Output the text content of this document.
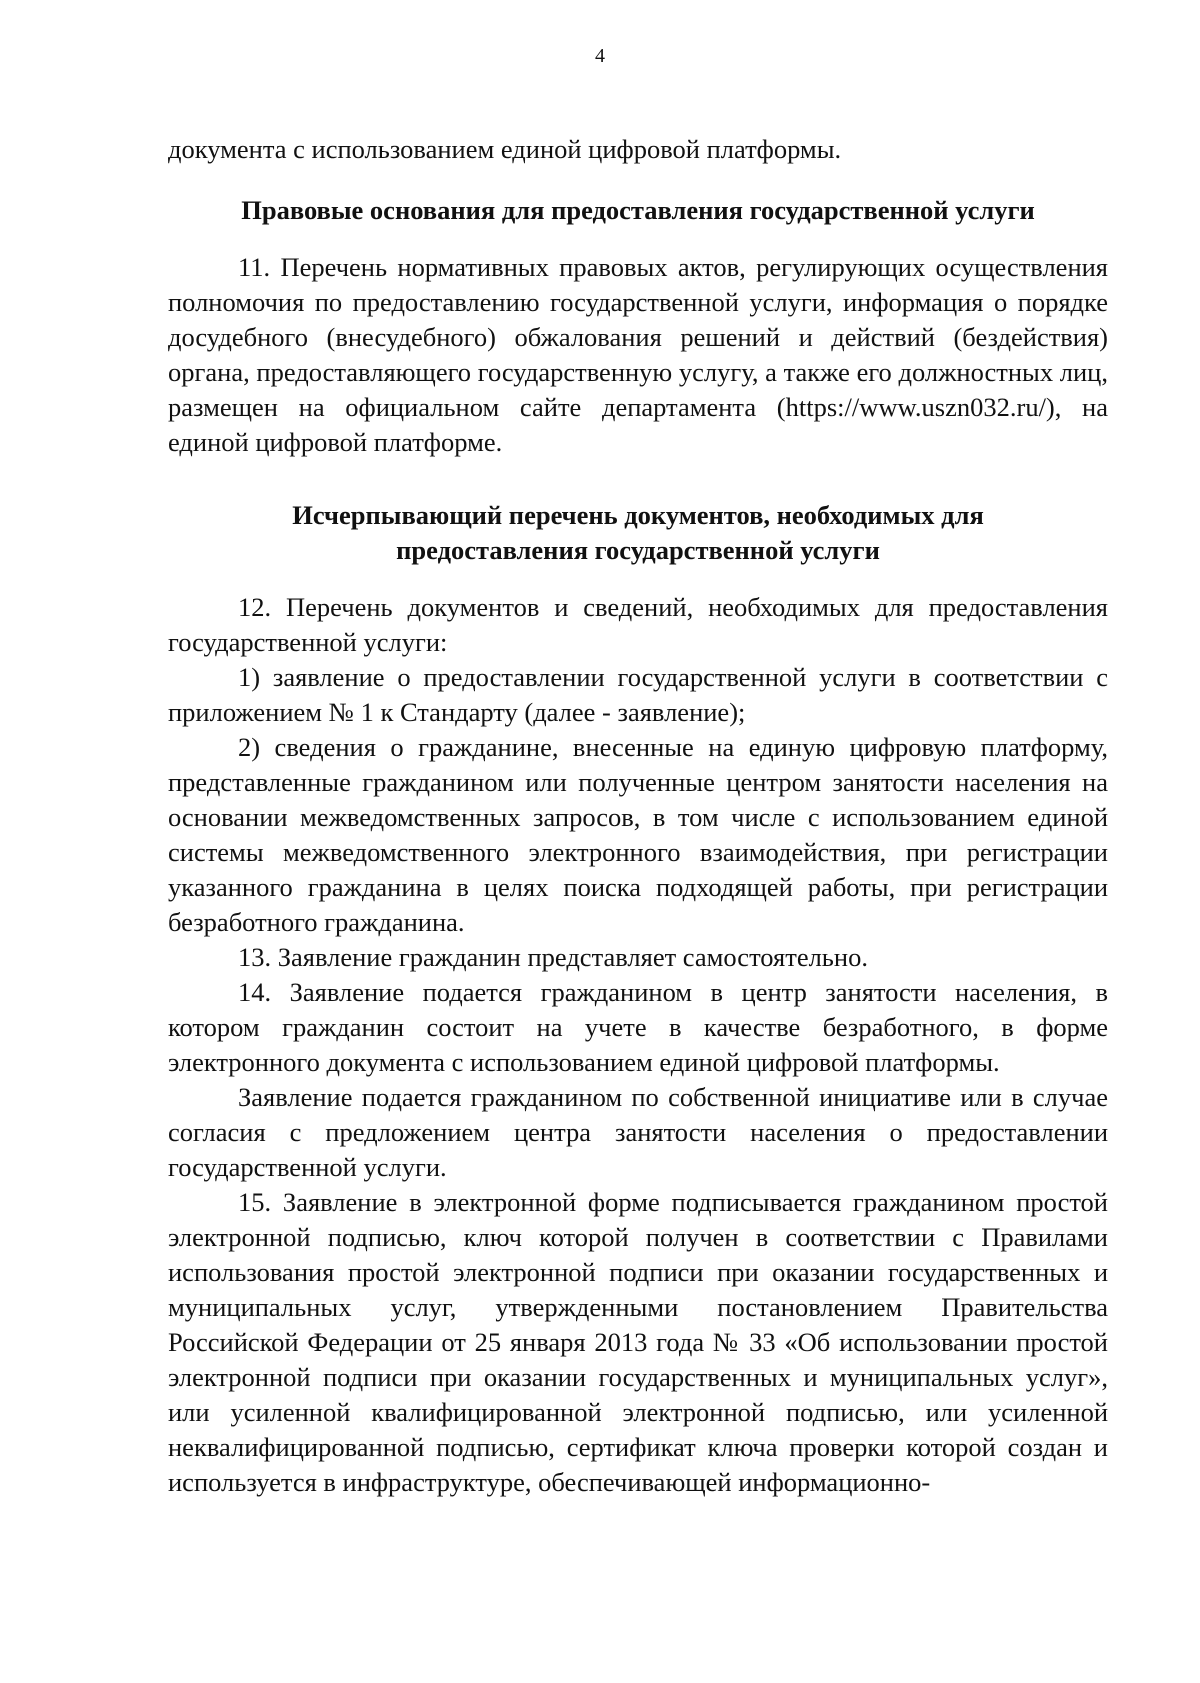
4

документа с использованием единой цифровой платформы.

Правовые основания для предоставления государственной услуги

11. Перечень нормативных правовых актов, регулирующих осуществления полномочия по предоставлению государственной услуги, информация о порядке досудебного (внесудебного) обжалования решений и действий (бездействия) органа, предоставляющего государственную услугу, а также его должностных лиц, размещен на официальном сайте департамента (https://www.uszn032.ru/), на единой цифровой платформе.

Исчерпывающий перечень документов, необходимых для
предоставления государственной услуги

12. Перечень документов и сведений, необходимых для предоставления государственной услуги:

1) заявление о предоставлении государственной услуги в соответствии с приложением № 1 к Стандарту (далее - заявление);

2) сведения о гражданине, внесенные на единую цифровую платформу, представленные гражданином или полученные центром занятости населения на основании межведомственных запросов, в том числе с использованием единой системы межведомственного электронного взаимодействия, при регистрации указанного гражданина в целях поиска подходящей работы, при регистрации безработного гражданина.

13. Заявление гражданин представляет самостоятельно.

14. Заявление подается гражданином в центр занятости населения, в котором гражданин состоит на учете в качестве безработного, в форме электронного документа с использованием единой цифровой платформы.

Заявление подается гражданином по собственной инициативе или в случае согласия с предложением центра занятости населения о предоставлении государственной услуги.

15. Заявление в электронной форме подписывается гражданином простой электронной подписью, ключ которой получен в соответствии с Правилами использования простой электронной подписи при оказании государственных и муниципальных услуг, утвержденными постановлением Правительства Российской Федерации от 25 января 2013 года № 33 «Об использовании простой электронной подписи при оказании государственных и муниципальных услуг», или усиленной квалифицированной электронной подписью, или усиленной неквалифицированной подписью, сертификат ключа проверки которой создан и используется в инфраструктуре, обеспечивающей информационно-
